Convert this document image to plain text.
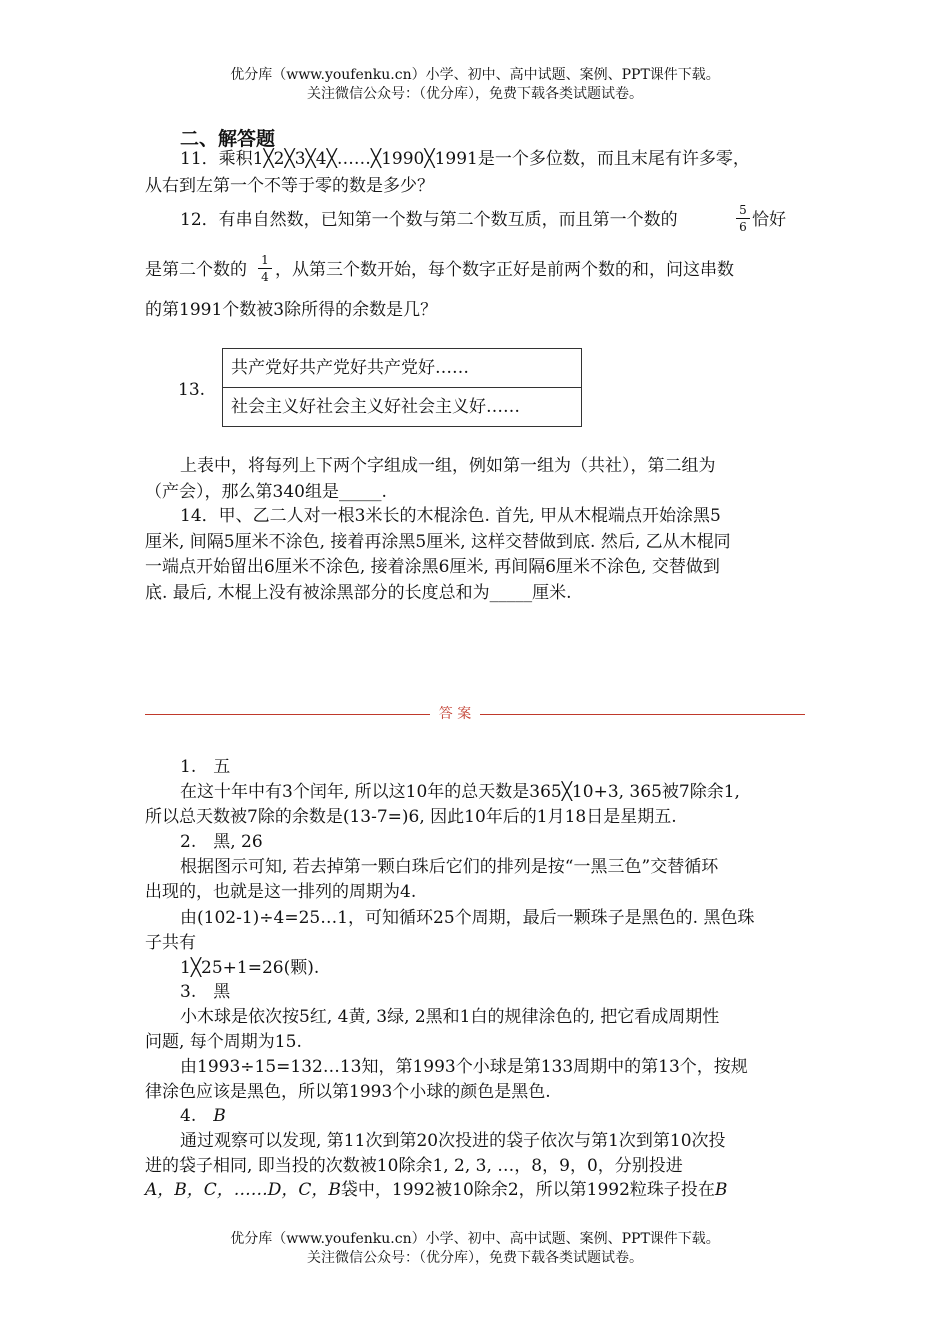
优分库（www.youfenku.cn）小学、初中、高中试题、案例、PPT课件下载。
关注微信公众号：（优分库），免费下载各类试题试卷。
二、解答题
11．乘积1╳2╳3╳4╳……╳1990╳1991是一个多位数，而且末尾有许多零，
从右到左第一个不等于零的数是多少？
12．有串自然数，已知第一个数与第二个数互质，而且第一个数的	5
6 恰好
是第二个数的 1
4 ，从第三个数开始，每个数字正好是前两个数的和，问这串数
的第1991个数被3除所得的余数是几？
13.
共产党好共产党好共产党好……
社会主义好社会主义好社会主义好……
上表中，将每列上下两个字组成一组，例如第一组为（共社），第二组为
（产会），那么第340组是_____.
14．甲、乙二人对一根3米长的木棍涂色. 首先, 甲从木棍端点开始涂黑5
厘米, 间隔5厘米不涂色, 接着再涂黑5厘米, 这样交替做到底. 然后, 乙从木棍同
一端点开始留出6厘米不涂色, 接着涂黑6厘米, 再间隔6厘米不涂色, 交替做到
底. 最后, 木棍上没有被涂黑部分的长度总和为_____厘米.
答 案
1.　五
在这十年中有3个闰年, 所以这10年的总天数是365╳10+3, 365被7除余1,
所以总天数被7除的余数是(13-7=)6, 因此10年后的1月18日是星期五.
2.　黑, 26
根据图示可知, 若去掉第一颗白珠后它们的排列是按“一黑三色”交替循环
出现的，也就是这一排列的周期为4.
由(102-1)÷4=25…1，可知循环25个周期，最后一颗珠子是黑色的. 黑色珠
子共有
1╳25+1=26(颗).
3.　黑
小木球是依次按5红, 4黄, 3绿, 2黑和1白的规律涂色的, 把它看成周期性
问题, 每个周期为15.
由1993÷15=132…13知，第1993个小球是第133周期中的第13个，按规
律涂色应该是黑色，所以第1993个小球的颜色是黑色.
4.　B
通过观察可以发现, 第11次到第20次投进的袋子依次与第1次到第10次投
进的袋子相同, 即当投的次数被10除余1, 2, 3, …，8，9，0，分别投进
A，B，C，……D，C，B袋中，1992被10除余2，所以第1992粒珠子投在B
优分库（www.youfenku.cn）小学、初中、高中试题、案例、PPT课件下载。
关注微信公众号：（优分库），免费下载各类试题试卷。
